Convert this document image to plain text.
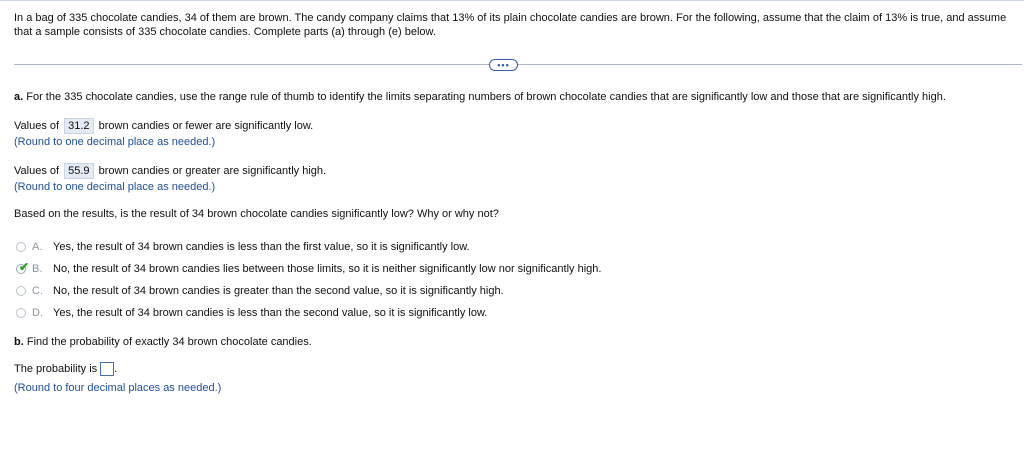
In a bag of 335 chocolate candies, 34 of them are brown. The candy company claims that 13% of its plain chocolate candies are brown. For the following, assume that the claim of 13% is true, and assume that a sample consists of 335 chocolate candies. Complete parts (a) through (e) below.
•••
a. For the 335 chocolate candies, use the range rule of thumb to identify the limits separating numbers of brown chocolate candies that are significantly low and those that are significantly high.
Values of 31.2 brown candies or fewer are significantly low.
(Round to one decimal place as needed.)
Values of 55.9 brown candies or greater are significantly high.
(Round to one decimal place as needed.)
Based on the results, is the result of 34 brown chocolate candies significantly low? Why or why not?
A. Yes, the result of 34 brown candies is less than the first value, so it is significantly low.
✔ B. No, the result of 34 brown candies lies between those limits, so it is neither significantly low nor significantly high.
C. No, the result of 34 brown candies is greater than the second value, so it is significantly high.
D. Yes, the result of 34 brown candies is less than the second value, so it is significantly low.
b. Find the probability of exactly 34 brown chocolate candies.
The probability is .
(Round to four decimal places as needed.)
